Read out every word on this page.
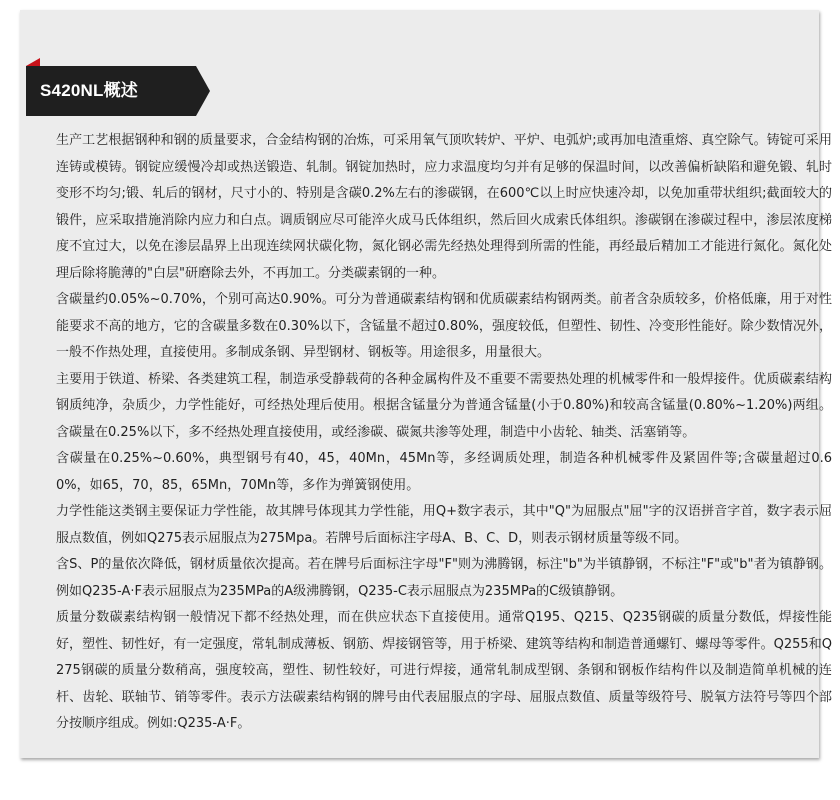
S420NL概述

生产工艺根据钢种和钢的质量要求，合金结构钢的冶炼，可采用氧气顶吹转炉、平炉、电弧炉;或再加电渣重熔、真空除气。铸锭可采用连铸或模铸。钢锭应缓慢冷却或热送锻造、轧制。钢锭加热时，应力求温度均匀并有足够的保温时间，以改善偏析缺陷和避免锻、轧时变形不均匀;锻、轧后的钢材，尺寸小的、特别是含碳0.2%左右的渗碳钢，在600℃以上时应快速冷却，以免加重带状组织;截面较大的锻件，应采取措施消除内应力和白点。调质钢应尽可能淬火成马氏体组织，然后回火成索氏体组织。渗碳钢在渗碳过程中，渗层浓度梯度不宜过大，以免在渗层晶界上出现连续网状碳化物，氮化钢必需先经热处理得到所需的性能，再经最后精加工才能进行氮化。氮化处理后除将脆薄的"白层"研磨除去外，不再加工。分类碳素钢的一种。

含碳量约0.05%~0.70%，个别可高达0.90%。可分为普通碳素结构钢和优质碳素结构钢两类。前者含杂质较多，价格低廉，用于对性能要求不高的地方，它的含碳量多数在0.30%以下，含锰量不超过0.80%，强度较低，但塑性、韧性、冷变形性能好。除少数情况外，一般不作热处理，直接使用。多制成条钢、异型钢材、钢板等。用途很多，用量很大。

主要用于铁道、桥梁、各类建筑工程，制造承受静载荷的各种金属构件及不重要不需要热处理的机械零件和一般焊接件。优质碳素结构钢质纯净，杂质少，力学性能好，可经热处理后使用。根据含锰量分为普通含锰量(小于0.80%)和较高含锰量(0.80%~1.20%)两组。含碳量在0.25%以下，多不经热处理直接使用，或经渗碳、碳氮共渗等处理，制造中小齿轮、轴类、活塞销等。

含碳量在0.25%~0.60%，典型钢号有40，45，40Mn，45Mn等，多经调质处理，制造各种机械零件及紧固件等;含碳量超过0.60%，如65，70，85，65Mn，70Mn等，多作为弹簧钢使用。

力学性能这类钢主要保证力学性能，故其牌号体现其力学性能，用Q+数字表示，其中"Q"为屈服点"屈"字的汉语拼音字首，数字表示屈服点数值，例如Q275表示屈服点为275Mpa。若牌号后面标注字母A、B、C、D，则表示钢材质量等级不同。

含S、P的量依次降低，钢材质量依次提高。若在牌号后面标注字母"F"则为沸腾钢，标注"b"为半镇静钢，不标注"F"或"b"者为镇静钢。例如Q235-A·F表示屈服点为235MPa的A级沸腾钢，Q235-C表示屈服点为235MPa的C级镇静钢。

质量分数碳素结构钢一般情况下都不经热处理，而在供应状态下直接使用。通常Q195、Q215、Q235钢碳的质量分数低，焊接性能好，塑性、韧性好，有一定强度，常轧制成薄板、钢筋、焊接钢管等，用于桥梁、建筑等结构和制造普通螺钉、螺母等零件。Q255和Q275钢碳的质量分数稍高，强度较高，塑性、韧性较好，可进行焊接，通常轧制成型钢、条钢和钢板作结构件以及制造简单机械的连杆、齿轮、联轴节、销等零件。表示方法碳素结构钢的牌号由代表屈服点的字母、屈服点数值、质量等级符号、脱氧方法符号等四个部分按顺序组成。例如:Q235-A·F。
